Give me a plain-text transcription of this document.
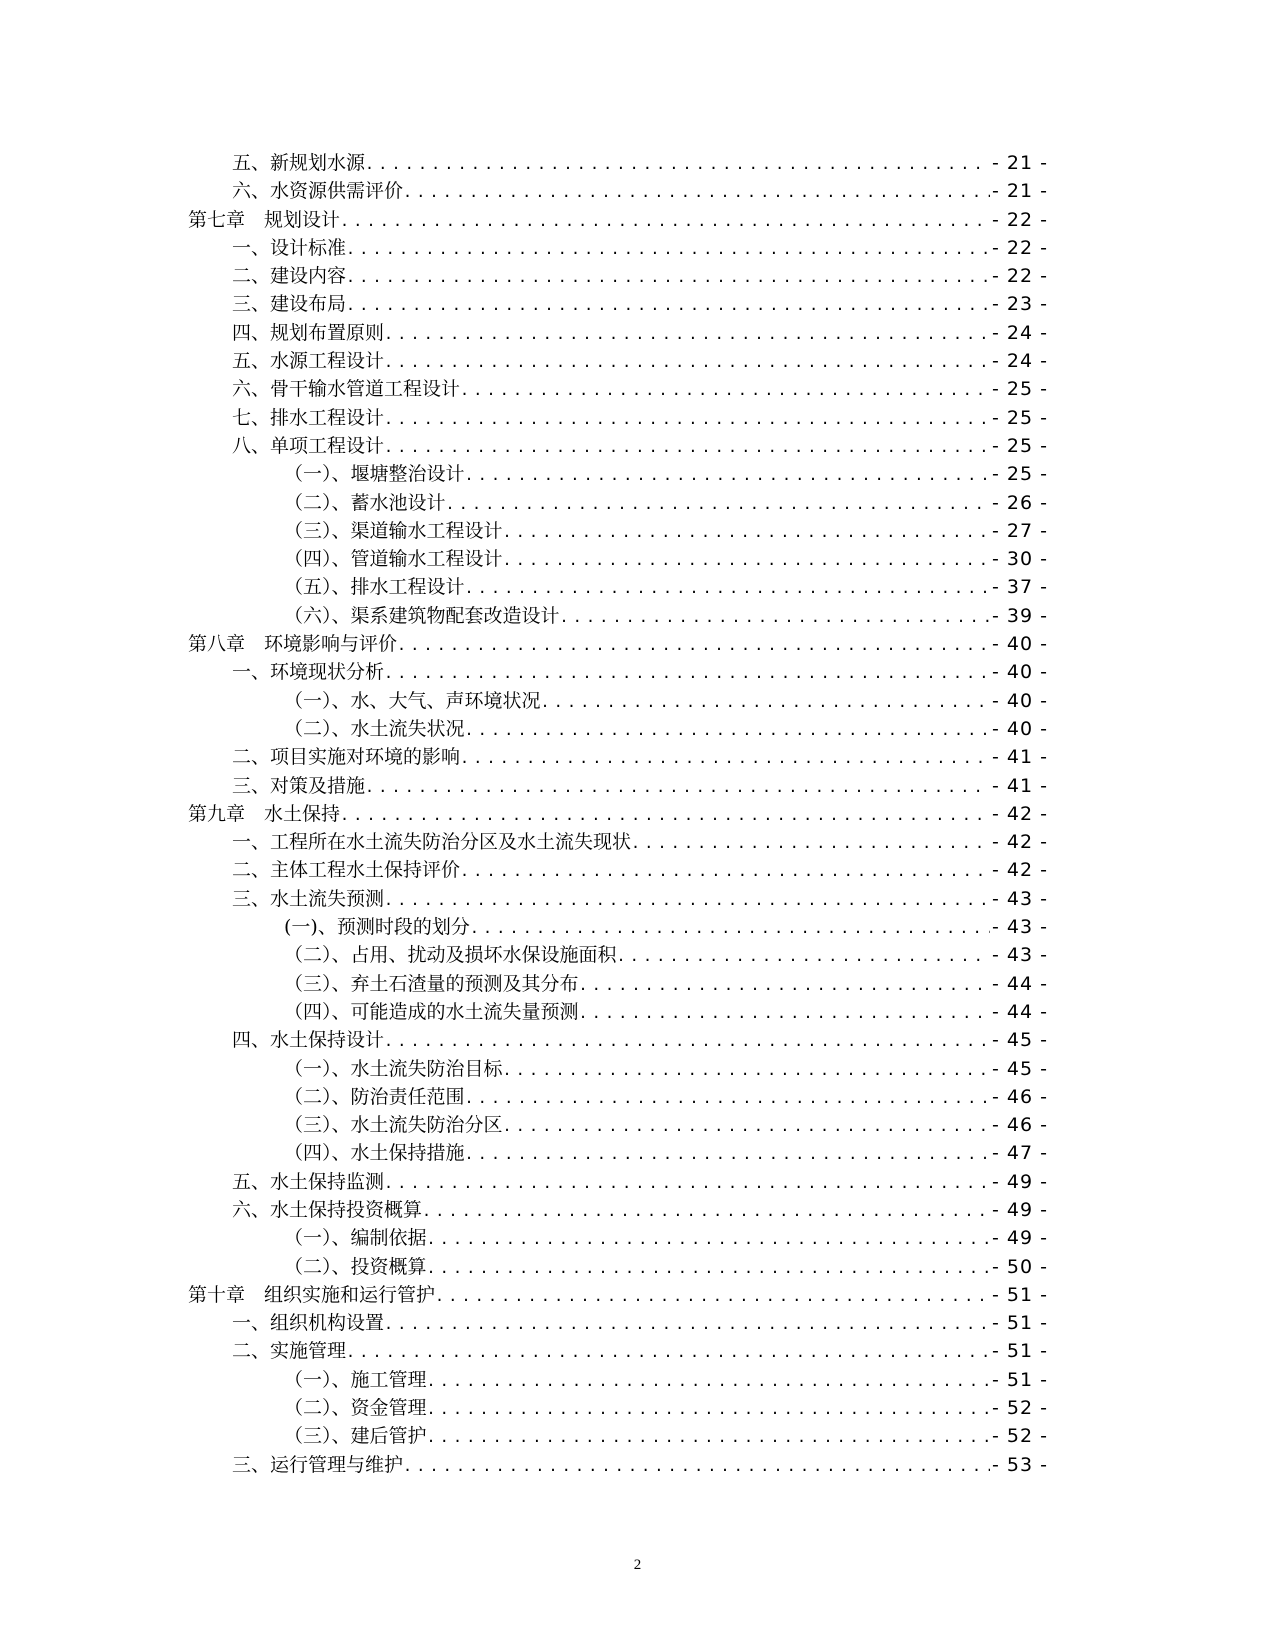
五、新规划水源 .....	- 21 -
六、水资源供需评价 .....	- 21 -
第七章　规划设计 .....	- 22 -
一、设计标准 .....	- 22 -
二、建设内容 .....	- 22 -
三、建设布局 .....	- 23 -
四、规划布置原则 .....	- 24 -
五、水源工程设计 .....	- 24 -
六、骨干输水管道工程设计 .....	- 25 -
七、排水工程设计 .....	- 25 -
八、单项工程设计 .....	- 25 -
（一）、堰塘整治设计 .....	- 25 -
（二）、蓄水池设计 .....	- 26 -
（三）、渠道输水工程设计 .....	- 27 -
（四）、管道输水工程设计 .....	- 30 -
（五）、排水工程设计 .....	- 37 -
（六）、渠系建筑物配套改造设计 .....	- 39 -
第八章　环境影响与评价 .....	- 40 -
一、环境现状分析 .....	- 40 -
（一）、水、大气、声环境状况 .....	- 40 -
（二）、水土流失状况 .....	- 40 -
二、项目实施对环境的影响 .....	- 41 -
三、对策及措施 .....	- 41 -
第九章　水土保持 .....	- 42 -
一、工程所在水土流失防治分区及水土流失现状 .....	- 42 -
二、主体工程水土保持评价 .....	- 42 -
三、水土流失预测 .....	- 43 -
(一)、预测时段的划分 .....	- 43 -
（二）、占用、扰动及损坏水保设施面积 .....	- 43 -
（三）、弃土石渣量的预测及其分布 .....	- 44 -
（四）、可能造成的水土流失量预测 .....	- 44 -
四、水土保持设计 .....	- 45 -
（一）、水土流失防治目标 .....	- 45 -
（二）、防治责任范围 .....	- 46 -
（三）、水土流失防治分区 .....	- 46 -
（四）、水土保持措施 .....	- 47 -
五、水土保持监测 .....	- 49 -
六、水土保持投资概算 .....	- 49 -
（一）、编制依据 .....	- 49 -
（二）、投资概算 .....	- 50 -
第十章　组织实施和运行管护 .....	- 51 -
一、组织机构设置 .....	- 51 -
二、实施管理 .....	- 51 -
（一）、施工管理 .....	- 51 -
（二）、资金管理 .....	- 52 -
（三）、建后管护 .....	- 52 -
三、运行管理与维护 .....	- 53 -
2
